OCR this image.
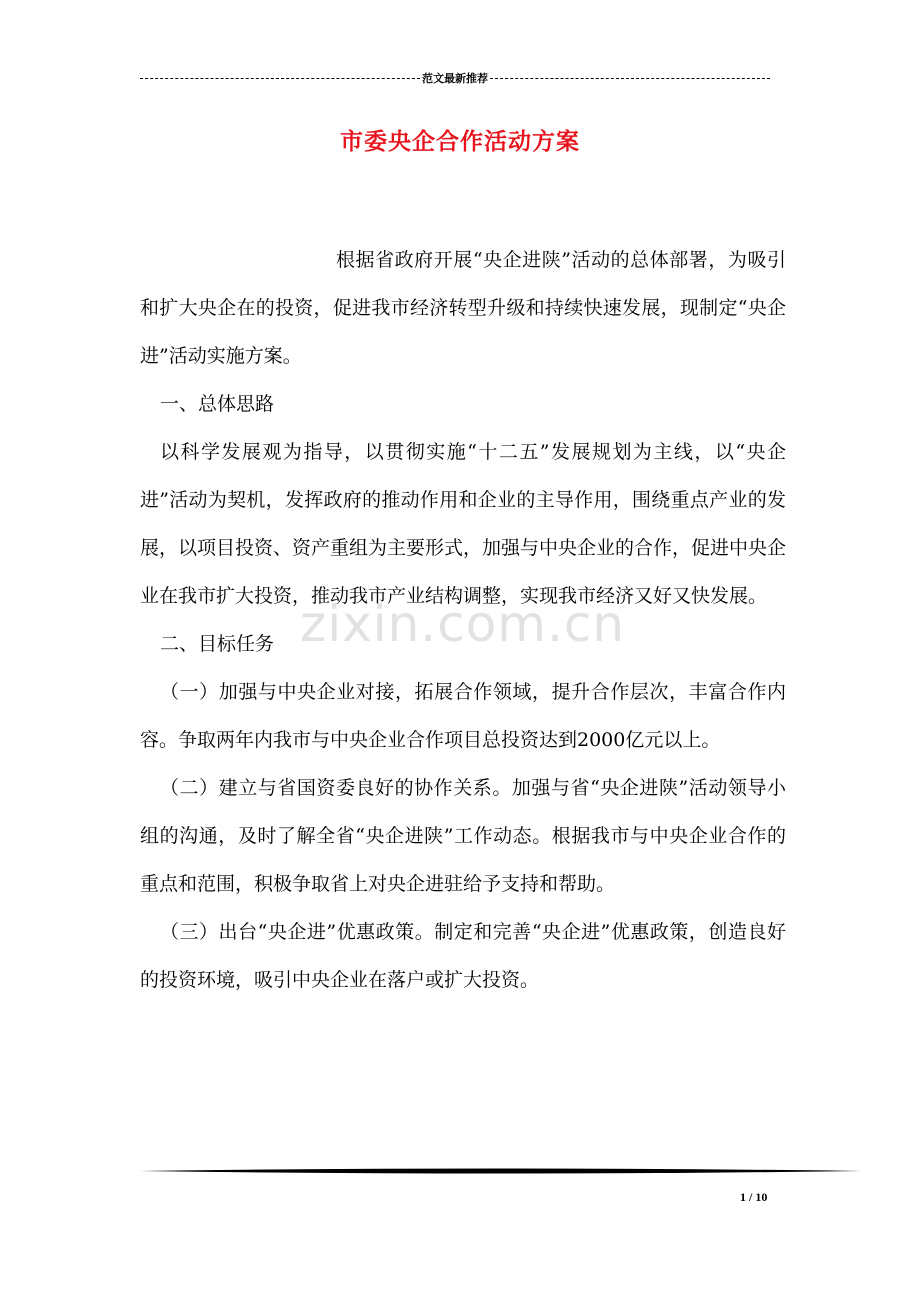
范文最新推荐
市委央企合作活动方案

根据省政府开展“央企进陕”活动的总体部署，为吸引和扩大央企在的投资，促进我市经济转型升级和持续快速发展，现制定“央企进”活动实施方案。

一、总体思路

以科学发展观为指导，以贯彻实施“十二五”发展规划为主线，以“央企进”活动为契机，发挥政府的推动作用和企业的主导作用，围绕重点产业的发展，以项目投资、资产重组为主要形式，加强与中央企业的合作，促进中央企业在我市扩大投资，推动我市产业结构调整，实现我市经济又好又快发展。

二、目标任务

（一）加强与中央企业对接，拓展合作领域，提升合作层次，丰富合作内容。争取两年内我市与中央企业合作项目总投资达到2000亿元以上。

（二）建立与省国资委良好的协作关系。加强与省“央企进陕”活动领导小组的沟通，及时了解全省“央企进陕”工作动态。根据我市与中央企业合作的重点和范围，积极争取省上对央企进驻给予支持和帮助。

（三）出台“央企进”优惠政策。制定和完善“央企进”优惠政策，创造良好的投资环境，吸引中央企业在落户或扩大投资。

zixin.com.cn
1 / 10
